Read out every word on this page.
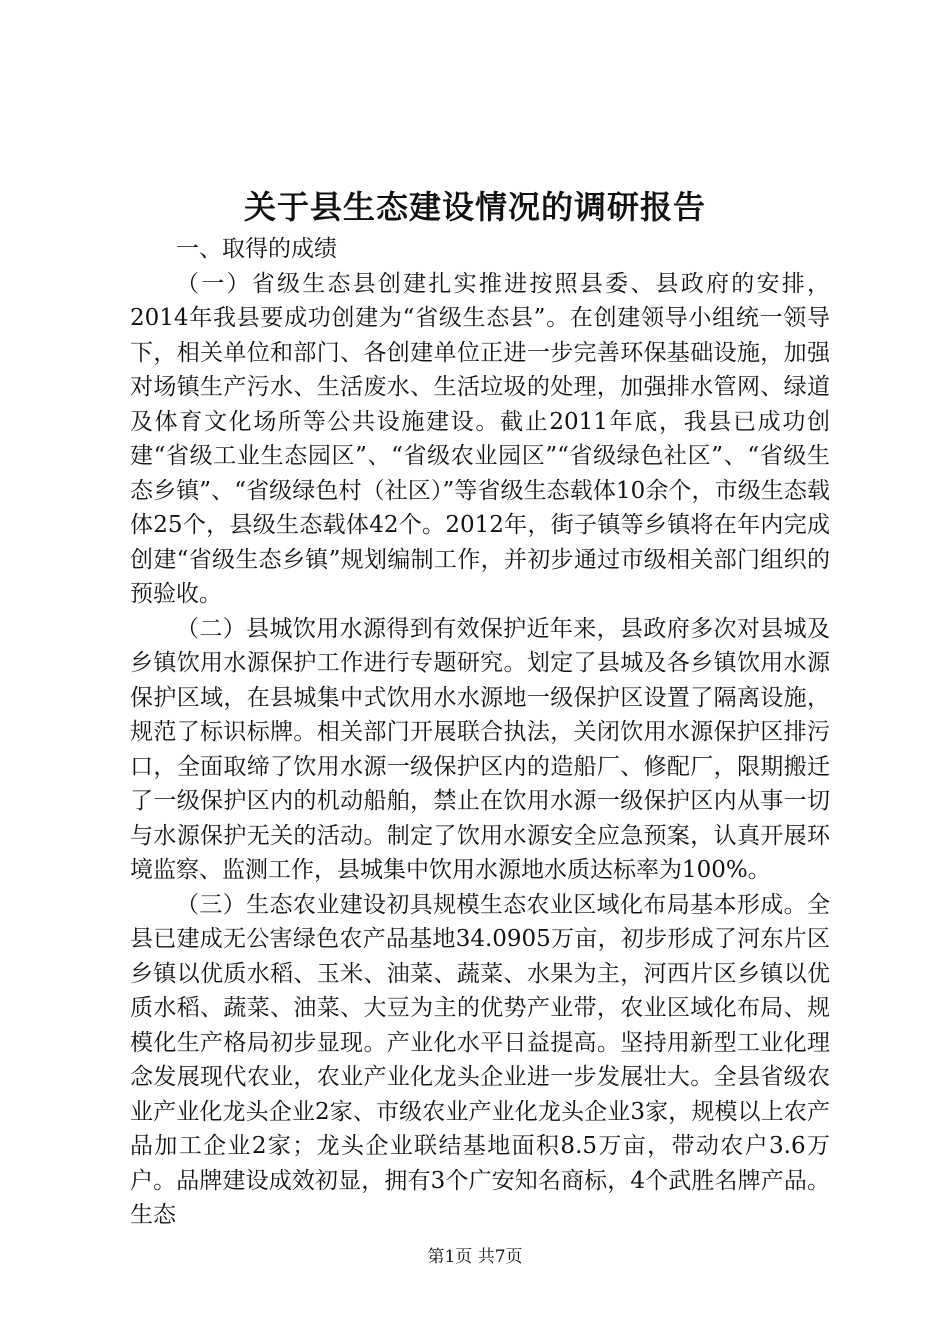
关于县生态建设情况的调研报告

一、取得的成绩

（一）省级生态县创建扎实推进按照县委、县政府的安排，2014年我县要成功创建为“省级生态县”。在创建领导小组统一领导下，相关单位和部门、各创建单位正进一步完善环保基础设施，加强对场镇生产污水、生活废水、生活垃圾的处理，加强排水管网、绿道及体育文化场所等公共设施建设。截止2011年底，我县已成功创建“省级工业生态园区”、“省级农业园区”“省级绿色社区”、“省级生态乡镇”、“省级绿色村（社区）”等省级生态载体10余个，市级生态载体25个，县级生态载体42个。2012年，街子镇等乡镇将在年内完成创建“省级生态乡镇”规划编制工作，并初步通过市级相关部门组织的预验收。

（二）县城饮用水源得到有效保护近年来，县政府多次对县城及乡镇饮用水源保护工作进行专题研究。划定了县城及各乡镇饮用水源保护区域，在县城集中式饮用水水源地一级保护区设置了隔离设施，规范了标识标牌。相关部门开展联合执法，关闭饮用水源保护区排污口，全面取缔了饮用水源一级保护区内的造船厂、修配厂，限期搬迁了一级保护区内的机动船舶，禁止在饮用水源一级保护区内从事一切与水源保护无关的活动。制定了饮用水源安全应急预案，认真开展环境监察、监测工作，县城集中饮用水源地水质达标率为100%。

（三）生态农业建设初具规模生态农业区域化布局基本形成。全县已建成无公害绿色农产品基地34.0905万亩，初步形成了河东片区乡镇以优质水稻、玉米、油菜、蔬菜、水果为主，河西片区乡镇以优质水稻、蔬菜、油菜、大豆为主的优势产业带，农业区域化布局、规模化生产格局初步显现。产业化水平日益提高。坚持用新型工业化理念发展现代农业，农业产业化龙头企业进一步发展壮大。全县省级农业产业化龙头企业2家、市级农业产业化龙头企业3家，规模以上农产品加工企业2家；龙头企业联结基地面积8.5万亩，带动农户3.6万户。品牌建设成效初显，拥有3个广安知名商标，4个武胜名牌产品。生态

第1页 共7页
